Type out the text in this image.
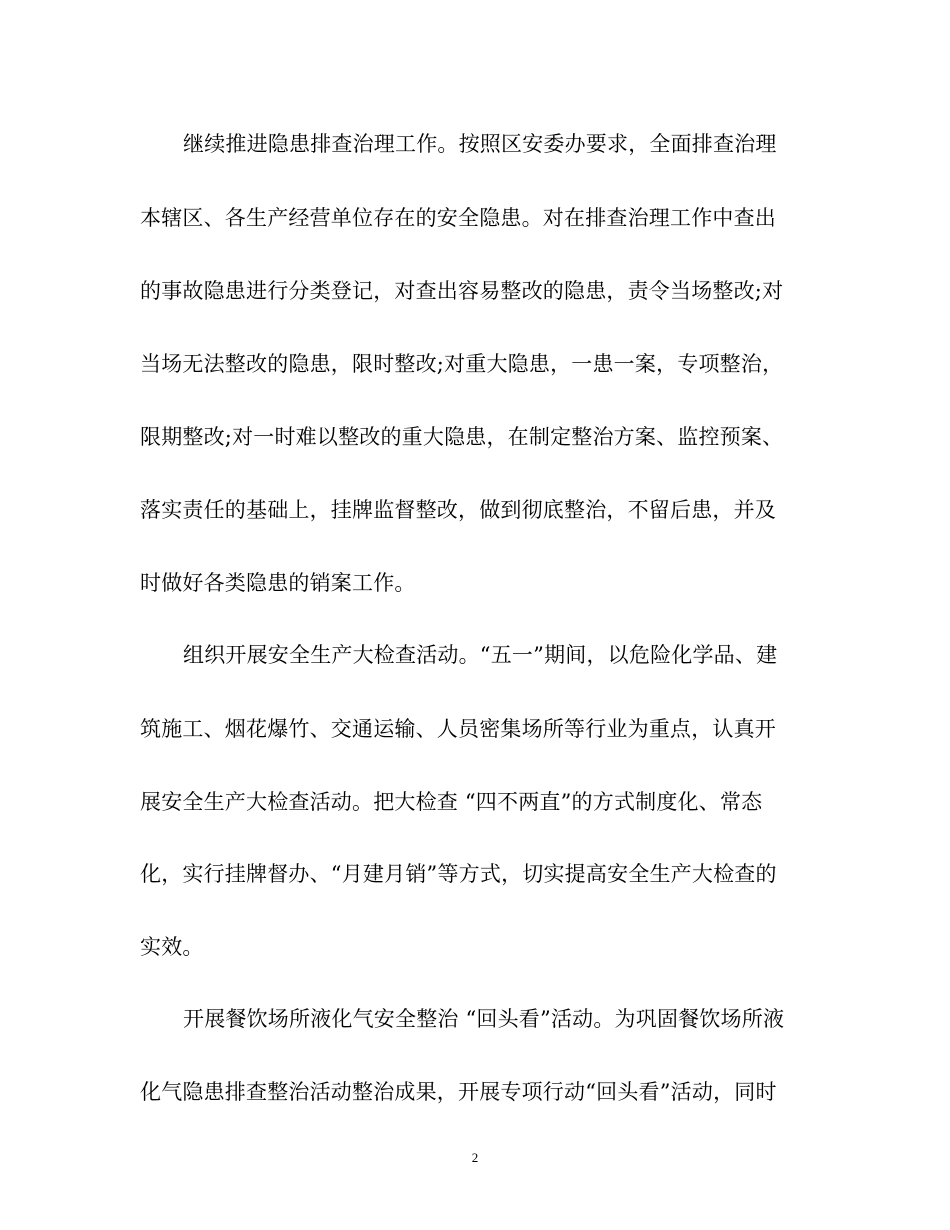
继续推进隐患排查治理工作。按照区安委办要求，全面排查治理
本辖区、各生产经营单位存在的安全隐患。对在排查治理工作中查出
的事故隐患进行分类登记，对查出容易整改的隐患，责令当场整改;对
当场无法整改的隐患，限时整改;对重大隐患，一患一案，专项整治，
限期整改;对一时难以整改的重大隐患，在制定整治方案、监控预案、
落实责任的基础上，挂牌监督整改，做到彻底整治，不留后患，并及
时做好各类隐患的销案工作。
组织开展安全生产大检查活动。“五一”期间，以危险化学品、建
筑施工、烟花爆竹、交通运输、人员密集场所等行业为重点，认真开
展安全生产大检查活动。把大检查 “四不两直”的方式制度化、常态
化，实行挂牌督办、“月建月销”等方式，切实提高安全生产大检查的
实效。
开展餐饮场所液化气安全整治 “回头看”活动。为巩固餐饮场所液
化气隐患排查整治活动整治成果，开展专项行动“回头看”活动，同时
2
